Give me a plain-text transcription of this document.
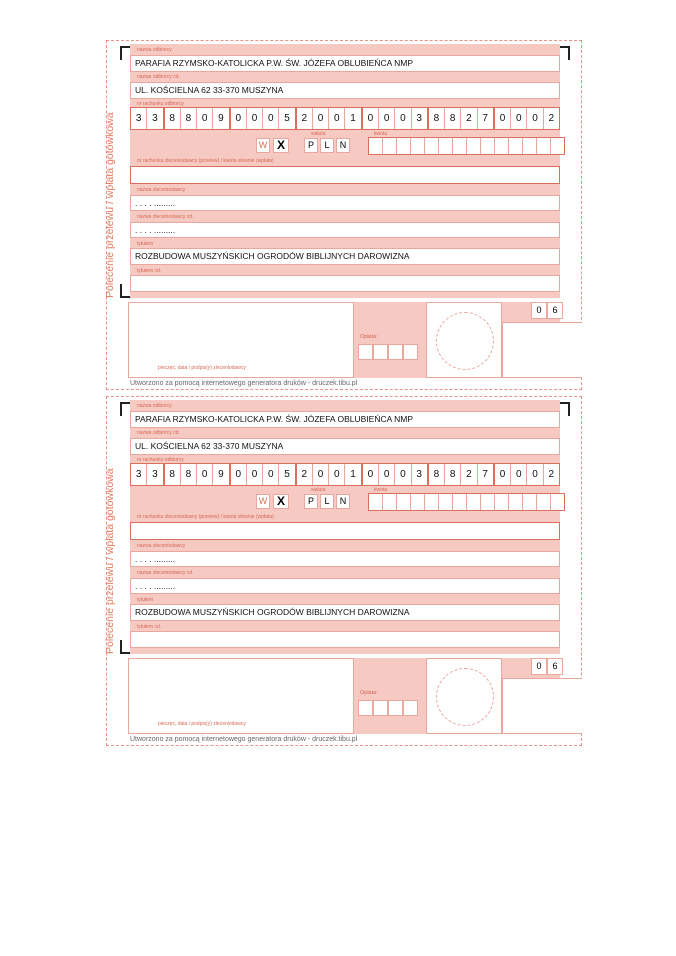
Polecenie przelewu / wpłata gotówkowa
nazwa odbiorcy
PARAFIA RZYMSKO-KATOLICKA P.W. ŚW. JÓZEFA OBLUBIEŃCA NMP
nazwa odbiorcy cd.
UL. KOŚCIELNA 62 33-370 MUSZYNA
nr rachunku odbiorcy
3	3	8	8	0	9	0	0	0	5	2	0	0	1	0	0	0	3	8	8	2	7	0	0	0	2
W X
waluta
P	L	N
kwota
nr rachunku zleceniodawcy (przelew) / kwota słownie (wpłata)
nazwa zleceniodawcy
. . . . .........
nazwa zleceniodawcy cd.
. . . . .........
tytułem
ROZBUDOWA MUSZYŃSKICH OGRODÓW BIBLIJNYCH DAROWIZNA
tytułem cd.
pieczęć, data i podpis(y) zleceniodawcy
Opłata:
0	6
Utworzono za pomocą internetowego generatora druków - druczek.tibu.pl
Polecenie przelewu / wpłata gotówkowa
nazwa odbiorcy
PARAFIA RZYMSKO-KATOLICKA P.W. ŚW. JÓZEFA OBLUBIEŃCA NMP
nazwa odbiorcy cd.
UL. KOŚCIELNA 62 33-370 MUSZYNA
nr rachunku odbiorcy
3	3	8	8	0	9	0	0	0	5	2	0	0	1	0	0	0	3	8	8	2	7	0	0	0	2
W X
waluta
P	L	N
kwota
nr rachunku zleceniodawcy (przelew) / kwota słownie (wpłata)
nazwa zleceniodawcy
. . . . .........
nazwa zleceniodawcy cd.
. . . . .........
tytułem
ROZBUDOWA MUSZYŃSKICH OGRODÓW BIBLIJNYCH DAROWIZNA
tytułem cd.
pieczęć, data i podpis(y) zleceniodawcy
Opłata:
0	6
Utworzono za pomocą internetowego generatora druków - druczek.tibu.pl
